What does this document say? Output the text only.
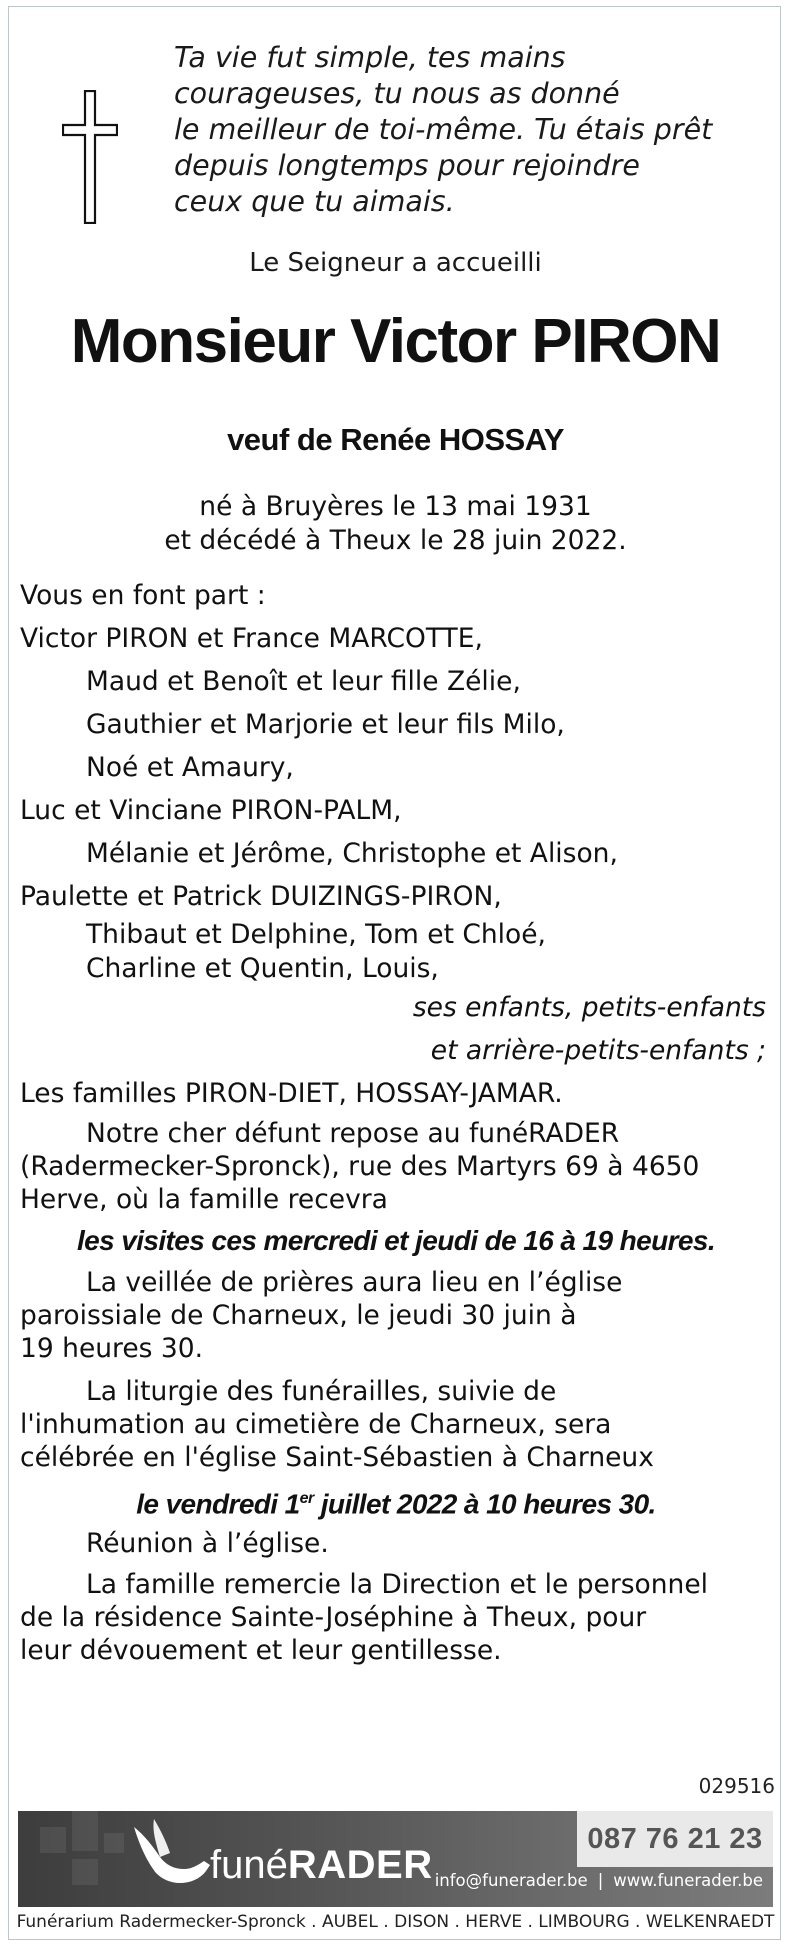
Ta vie fut simple, tes mains
courageuses, tu nous as donné
le meilleur de toi-même. Tu étais prêt
depuis longtemps pour rejoindre
ceux que tu aimais.

Le Seigneur a accueilli
Monsieur Victor PIRON
veuf de Renée HOSSAY
né à Bruyères le 13 mai 1931
et décédé à Theux le 28 juin 2022.
Vous en font part :
Victor PIRON et France MARCOTTE,
Maud et Benoît et leur fille Zélie,
Gauthier et Marjorie et leur fils Milo,
Noé et Amaury,
Luc et Vinciane PIRON-PALM,
Mélanie et Jérôme, Christophe et Alison,
Paulette et Patrick DUIZINGS-PIRON,
Thibaut et Delphine, Tom et Chloé,
Charline et Quentin, Louis,
ses enfants, petits-enfants
et arrière-petits-enfants ;
Les familles PIRON-DIET, HOSSAY-JAMAR.
Notre cher défunt repose au funéRADER
(Radermecker-Spronck), rue des Martyrs 69 à 4650
Herve, où la famille recevra
les visites ces mercredi et jeudi de 16 à 19 heures.
La veillée de prières aura lieu en l’église
paroissiale de Charneux, le jeudi 30 juin à
19 heures 30.
La liturgie des funérailles, suivie de
l'inhumation au cimetière de Charneux, sera
célébrée en l'église Saint-Sébastien à Charneux
le vendredi 1er juillet 2022 à 10 heures 30.
Réunion à l’église.
La famille remercie la Direction et le personnel
de la résidence Sainte-Joséphine à Theux, pour
leur dévouement et leur gentillesse.
029516
funéRADER
087 76 21 23
info@funerader.be | www.funerader.be
Funérarium Radermecker-Spronck . AUBEL . DISON . HERVE . LIMBOURG . WELKENRAEDT
